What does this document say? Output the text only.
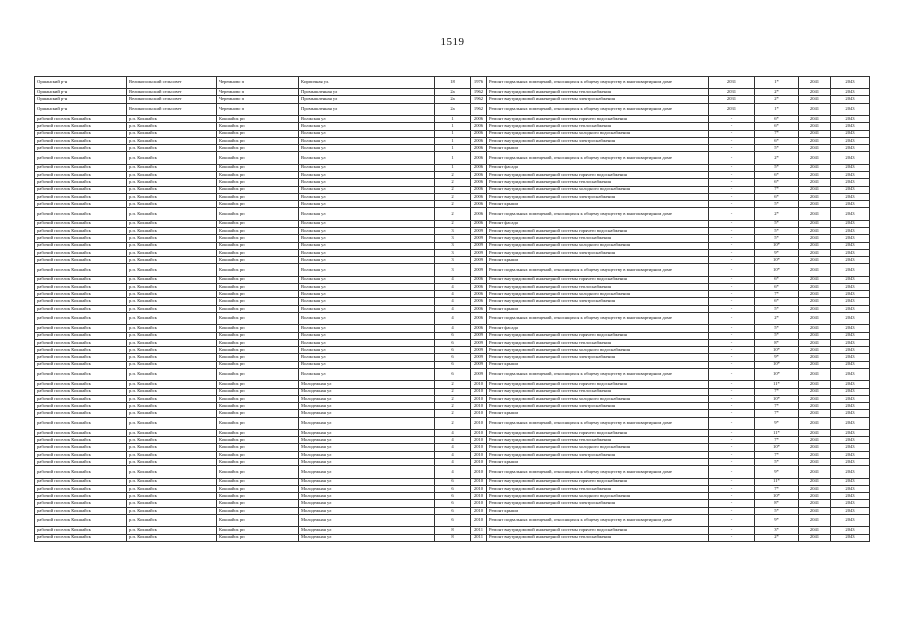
1519
Оршанский р-н	Великопольский сельсовет	Черемново п	Кирпичная ул.	18	1976	Ремонт подвальных помещений, относящихся к общему имуществу в многоквартирном доме	2031	1*	2041	2043
Оршанский р-н	Великопольский сельсовет	Черемново п	Промышленная ул	2а	1962	Ремонт внутридомовой инженерной системы теплоснабжения	2031	2*	2041	2043
Оршанский р-н	Великопольский сельсовет	Черемново п	Промышленная ул	2а	1962	Ремонт внутридомовой инженерной системы электроснабжения	2031	2*	2041	2043
Оршанский р-н	Великопольский сельсовет	Черемново п	Промышленная ул	2а	1962	Ремонт подвальных помещений, относящихся к общему имуществу в многоквартирном доме	2031	1*	2041	2043
рабочий поселок Кокшайск	р.п. Кокшайск	Кокшайск рп	Волжская ул	1	2006	Ремонт внутридомовой инженерной системы горячего водоснабжения	-	6*	2041	2043
рабочий поселок Кокшайск	р.п. Кокшайск	Кокшайск рп	Волжская ул	1	2006	Ремонт внутридомовой инженерной системы теплоснабжения	-	6*	2041	2043
рабочий поселок Кокшайск	р.п. Кокшайск	Кокшайск рп	Волжская ул	1	2006	Ремонт внутридомовой инженерной системы холодного водоснабжения	-	7*	2041	2043
рабочий поселок Кокшайск	р.п. Кокшайск	Кокшайск рп	Волжская ул	1	2006	Ремонт внутридомовой инженерной системы электроснабжения	-	6*	2041	2043
рабочий поселок Кокшайск	р.п. Кокшайск	Кокшайск рп	Волжская ул	1	2006	Ремонт крыши	-	5*	2041	2043
рабочий поселок Кокшайск	р.п. Кокшайск	Кокшайск рп	Волжская ул	1	2006	Ремонт подвальных помещений, относящихся к общему имуществу в многоквартирном доме	-	2*	2041	2043
рабочий поселок Кокшайск	р.п. Кокшайск	Кокшайск рп	Волжская ул	1	2006	Ремонт фасада	-	5*	2041	2043
рабочий поселок Кокшайск	р.п. Кокшайск	Кокшайск рп	Волжская ул	2	2006	Ремонт внутридомовой инженерной системы горячего водоснабжения	-	6*	2041	2043
рабочий поселок Кокшайск	р.п. Кокшайск	Кокшайск рп	Волжская ул	2	2006	Ремонт внутридомовой инженерной системы теплоснабжения	-	6*	2041	2043
рабочий поселок Кокшайск	р.п. Кокшайск	Кокшайск рп	Волжская ул	2	2006	Ремонт внутридомовой инженерной системы холодного водоснабжения	-	7*	2041	2043
рабочий поселок Кокшайск	р.п. Кокшайск	Кокшайск рп	Волжская ул	2	2006	Ремонт внутридомовой инженерной системы электроснабжения	-	6*	2041	2043
рабочий поселок Кокшайск	р.п. Кокшайск	Кокшайск рп	Волжская ул	2	2006	Ремонт крыши	-	5*	2041	2043
рабочий поселок Кокшайск	р.п. Кокшайск	Кокшайск рп	Волжская ул	2	2006	Ремонт подвальных помещений, относящихся к общему имуществу в многоквартирном доме	-	2*	2041	2043
рабочий поселок Кокшайск	р.п. Кокшайск	Кокшайск рп	Волжская ул	2	2006	Ремонт фасада	-	5*	2041	2043
рабочий поселок Кокшайск	р.п. Кокшайск	Кокшайск рп	Волжская ул	3	2009	Ремонт внутридомовой инженерной системы горячего водоснабжения	-	5*	2041	2043
рабочий поселок Кокшайск	р.п. Кокшайск	Кокшайск рп	Волжская ул	3	2009	Ремонт внутридомовой инженерной системы теплоснабжения	-	5*	2041	2043
рабочий поселок Кокшайск	р.п. Кокшайск	Кокшайск рп	Волжская ул	3	2009	Ремонт внутридомовой инженерной системы холодного водоснабжения	-	10*	2041	2043
рабочий поселок Кокшайск	р.п. Кокшайск	Кокшайск рп	Волжская ул	3	2009	Ремонт внутридомовой инженерной системы электроснабжения	-	9*	2041	2043
рабочий поселок Кокшайск	р.п. Кокшайск	Кокшайск рп	Волжская ул	3	2009	Ремонт крыши	-	10*	2041	2043
рабочий поселок Кокшайск	р.п. Кокшайск	Кокшайск рп	Волжская ул	3	2009	Ремонт подвальных помещений, относящихся к общему имуществу в многоквартирном доме	-	10*	2041	2043
рабочий поселок Кокшайск	р.п. Кокшайск	Кокшайск рп	Волжская ул	4	2006	Ремонт внутридомовой инженерной системы горячего водоснабжения	-	6*	2041	2043
рабочий поселок Кокшайск	р.п. Кокшайск	Кокшайск рп	Волжская ул	4	2006	Ремонт внутридомовой инженерной системы теплоснабжения	-	6*	2041	2043
рабочий поселок Кокшайск	р.п. Кокшайск	Кокшайск рп	Волжская ул	4	2006	Ремонт внутридомовой инженерной системы холодного водоснабжения	-	7*	2041	2043
рабочий поселок Кокшайск	р.п. Кокшайск	Кокшайск рп	Волжская ул	4	2006	Ремонт внутридомовой инженерной системы электроснабжения	-	6*	2041	2043
рабочий поселок Кокшайск	р.п. Кокшайск	Кокшайск рп	Волжская ул	4	2006	Ремонт крыши	-	5*	2041	2043
рабочий поселок Кокшайск	р.п. Кокшайск	Кокшайск рп	Волжская ул	4	2006	Ремонт подвальных помещений, относящихся к общему имуществу в многоквартирном доме	-	2*	2041	2043
рабочий поселок Кокшайск	р.п. Кокшайск	Кокшайск рп	Волжская ул	4	2006	Ремонт фасада	-	5*	2041	2043
рабочий поселок Кокшайск	р.п. Кокшайск	Кокшайск рп	Волжская ул	6	2009	Ремонт внутридомовой инженерной системы горячего водоснабжения	-	5*	2041	2043
рабочий поселок Кокшайск	р.п. Кокшайск	Кокшайск рп	Волжская ул	6	2009	Ремонт внутридомовой инженерной системы теплоснабжения	-	8*	2041	2043
рабочий поселок Кокшайск	р.п. Кокшайск	Кокшайск рп	Волжская ул	6	2009	Ремонт внутридомовой инженерной системы холодного водоснабжения	-	10*	2041	2043
рабочий поселок Кокшайск	р.п. Кокшайск	Кокшайск рп	Волжская ул	6	2009	Ремонт внутридомовой инженерной системы электроснабжения	-	9*	2041	2043
рабочий поселок Кокшайск	р.п. Кокшайск	Кокшайск рп	Волжская ул	6	2009	Ремонт крыши	-	10*	2041	2043
рабочий поселок Кокшайск	р.п. Кокшайск	Кокшайск рп	Волжская ул	6	2009	Ремонт подвальных помещений, относящихся к общему имуществу в многоквартирном доме	-	10*	2041	2043
рабочий поселок Кокшайск	р.п. Кокшайск	Кокшайск рп	Молодежная ул	2	2010	Ремонт внутридомовой инженерной системы горячего водоснабжения	-	11*	2041	2043
рабочий поселок Кокшайск	р.п. Кокшайск	Кокшайск рп	Молодежная ул	2	2010	Ремонт внутридомовой инженерной системы теплоснабжения	-	7*	2041	2043
рабочий поселок Кокшайск	р.п. Кокшайск	Кокшайск рп	Молодежная ул	2	2010	Ремонт внутридомовой инженерной системы холодного водоснабжения	-	10*	2041	2043
рабочий поселок Кокшайск	р.п. Кокшайск	Кокшайск рп	Молодежная ул	2	2010	Ремонт внутридомовой инженерной системы электроснабжения	-	7*	2041	2043
рабочий поселок Кокшайск	р.п. Кокшайск	Кокшайск рп	Молодежная ул	2	2010	Ремонт крыши	-	7*	2041	2043
рабочий поселок Кокшайск	р.п. Кокшайск	Кокшайск рп	Молодежная ул	2	2010	Ремонт подвальных помещений, относящихся к общему имуществу в многоквартирном доме	-	9*	2041	2043
рабочий поселок Кокшайск	р.п. Кокшайск	Кокшайск рп	Молодежная ул	4	2010	Ремонт внутридомовой инженерной системы горячего водоснабжения	-	11*	2041	2043
рабочий поселок Кокшайск	р.п. Кокшайск	Кокшайск рп	Молодежная ул	4	2010	Ремонт внутридомовой инженерной системы теплоснабжения	-	7*	2041	2043
рабочий поселок Кокшайск	р.п. Кокшайск	Кокшайск рп	Молодежная ул	4	2010	Ремонт внутридомовой инженерной системы холодного водоснабжения	-	10*	2041	2043
рабочий поселок Кокшайск	р.п. Кокшайск	Кокшайск рп	Молодежная ул	4	2010	Ремонт внутридомовой инженерной системы электроснабжения	-	7*	2041	2043
рабочий поселок Кокшайск	р.п. Кокшайск	Кокшайск рп	Молодежная ул	4	2010	Ремонт крыши	-	5*	2041	2043
рабочий поселок Кокшайск	р.п. Кокшайск	Кокшайск рп	Молодежная ул	4	2010	Ремонт подвальных помещений, относящихся к общему имуществу в многоквартирном доме	-	9*	2041	2043
рабочий поселок Кокшайск	р.п. Кокшайск	Кокшайск рп	Молодежная ул	6	2010	Ремонт внутридомовой инженерной системы горячего водоснабжения	-	11*	2041	2043
рабочий поселок Кокшайск	р.п. Кокшайск	Кокшайск рп	Молодежная ул	6	2010	Ремонт внутридомовой инженерной системы теплоснабжения	-	7*	2041	2043
рабочий поселок Кокшайск	р.п. Кокшайск	Кокшайск рп	Молодежная ул	6	2010	Ремонт внутридомовой инженерной системы холодного водоснабжения	-	10*	2041	2043
рабочий поселок Кокшайск	р.п. Кокшайск	Кокшайск рп	Молодежная ул	6	2010	Ремонт внутридомовой инженерной системы электроснабжения	-	8*	2041	2043
рабочий поселок Кокшайск	р.п. Кокшайск	Кокшайск рп	Молодежная ул	6	2010	Ремонт крыши	-	5*	2041	2043
рабочий поселок Кокшайск	р.п. Кокшайск	Кокшайск рп	Молодежная ул	6	2010	Ремонт подвальных помещений, относящихся к общему имуществу в многоквартирном доме	-	9*	2041	2043
рабочий поселок Кокшайск	р.п. Кокшайск	Кокшайск рп	Молодежная ул	8	2011	Ремонт внутридомовой инженерной системы горячего водоснабжения	-	3*	2041	2043
рабочий поселок Кокшайск	р.п. Кокшайск	Кокшайск рп	Молодежная ул	8	2011	Ремонт внутридомовой инженерной системы теплоснабжения	-	2*	2041	2043
